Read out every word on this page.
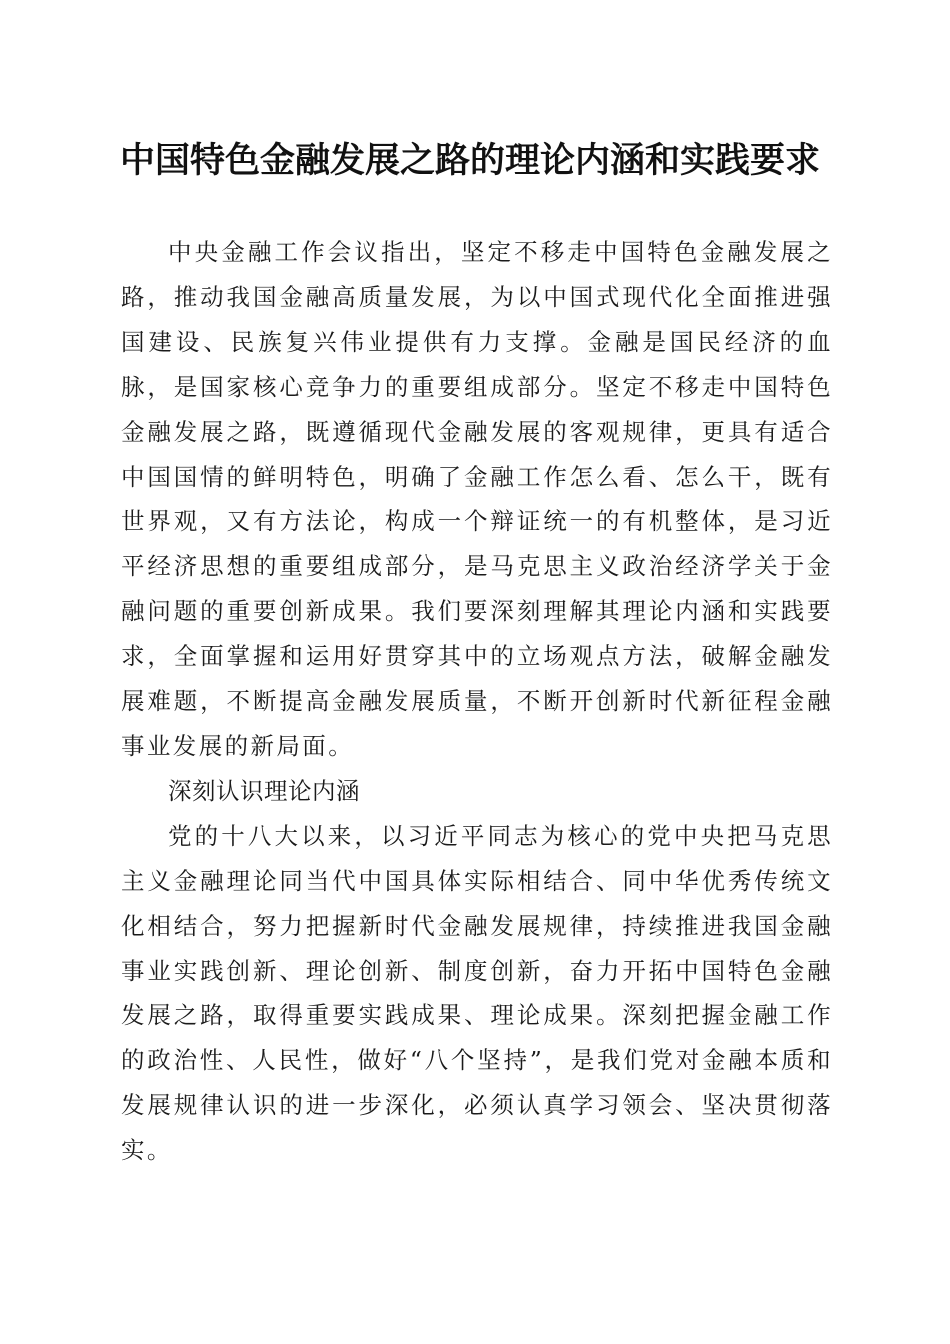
中国特色金融发展之路的理论内涵和实践要求

中央金融工作会议指出，坚定不移走中国特色金融发展之路，推动我国金融高质量发展，为以中国式现代化全面推进强国建设、民族复兴伟业提供有力支撑。金融是国民经济的血脉，是国家核心竞争力的重要组成部分。坚定不移走中国特色金融发展之路，既遵循现代金融发展的客观规律，更具有适合中国国情的鲜明特色，明确了金融工作怎么看、怎么干，既有世界观，又有方法论，构成一个辩证统一的有机整体，是习近平经济思想的重要组成部分，是马克思主义政治经济学关于金融问题的重要创新成果。我们要深刻理解其理论内涵和实践要求，全面掌握和运用好贯穿其中的立场观点方法，破解金融发展难题，不断提高金融发展质量，不断开创新时代新征程金融事业发展的新局面。

深刻认识理论内涵

党的十八大以来，以习近平同志为核心的党中央把马克思主义金融理论同当代中国具体实际相结合、同中华优秀传统文化相结合，努力把握新时代金融发展规律，持续推进我国金融事业实践创新、理论创新、制度创新，奋力开拓中国特色金融发展之路，取得重要实践成果、理论成果。深刻把握金融工作的政治性、人民性，做好“八个坚持”，是我们党对金融本质和发展规律认识的进一步深化，必须认真学习领会、坚决贯彻落实。
